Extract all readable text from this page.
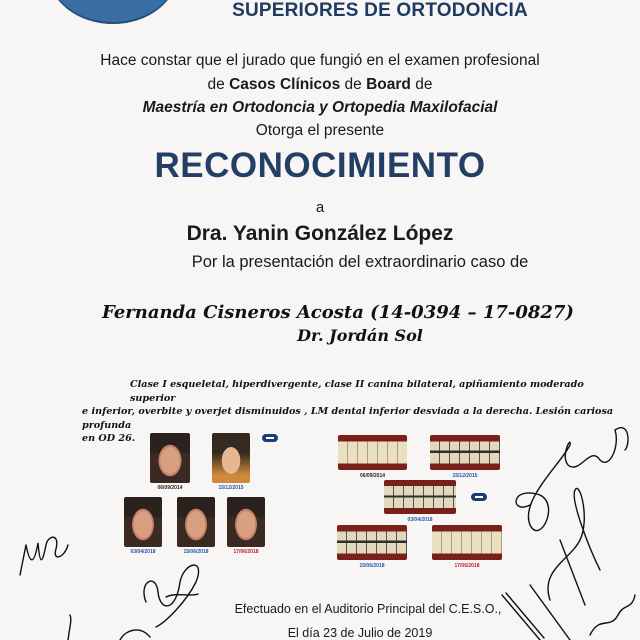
SUPERIORES DE ORTODONCIA
Hace constar que el jurado que fungió en el examen profesional
de Casos Clínicos de Board de
Maestría en Ortodoncia y Ortopedia Maxilofacial
Otorga el presente
RECONOCIMIENTO
a
Dra. Yanin González López
Por la presentación del extraordinario caso de
Fernanda Cisneros Acosta (14-0394 – 17-0827)
Dr. Jordán Sol
Clase I esqueletal, hiperdivergente, clase II canina bilateral, apiñamiento moderado superior
e inferior, overbite y overjet disminuidos , LM dental inferior desviada a la derecha. Lesión cariosa profunda
en OD 26.
06/09/2014	15/12/2015
03/04/2018	15/06/2018	17/06/2018
06/09/2014	15/12/2015
03/04/2018
15/06/2018	17/06/2018
Efectuado en el Auditorio Principal del C.E.S.O.,
El día 23 de Julio de 2019
